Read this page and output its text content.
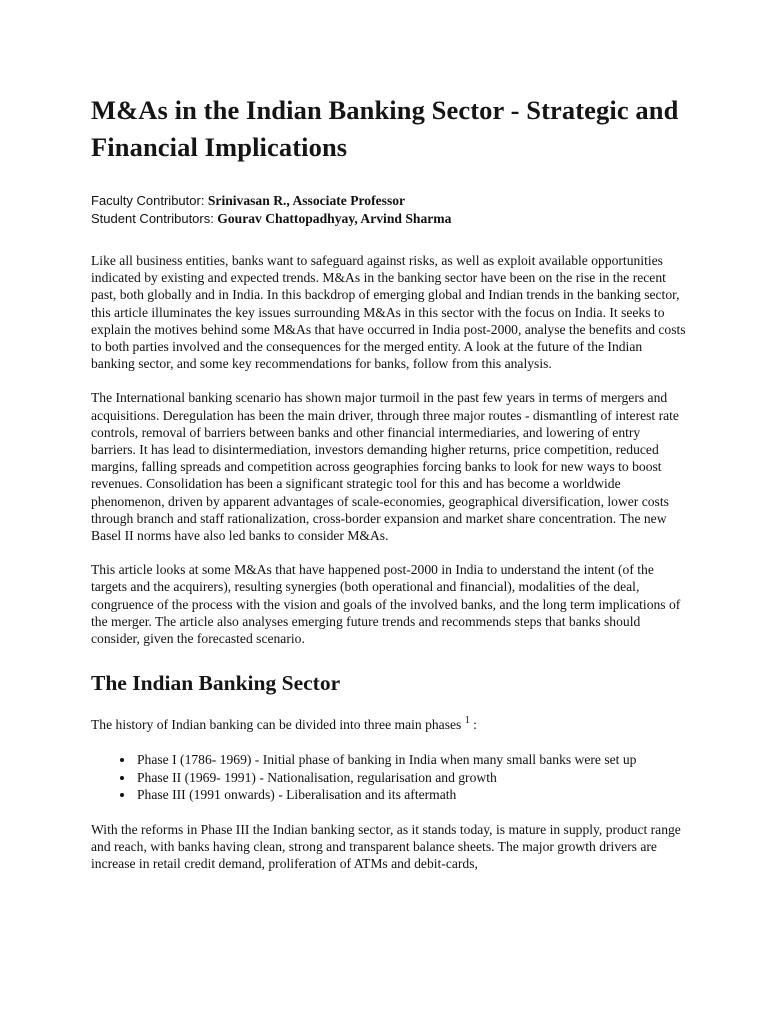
M&As in the Indian Banking Sector - Strategic and Financial Implications
Faculty Contributor: Srinivasan R., Associate Professor
Student Contributors: Gourav Chattopadhyay, Arvind Sharma

Like all business entities, banks want to safeguard against risks, as well as exploit available opportunities indicated by existing and expected trends. M&As in the banking sector have been on the rise in the recent past, both globally and in India. In this backdrop of emerging global and Indian trends in the banking sector, this article illuminates the key issues surrounding M&As in this sector with the focus on India. It seeks to explain the motives behind some M&As that have occurred in India post-2000, analyse the benefits and costs to both parties involved and the consequences for the merged entity. A look at the future of the Indian banking sector, and some key recommendations for banks, follow from this analysis.

The International banking scenario has shown major turmoil in the past few years in terms of mergers and acquisitions. Deregulation has been the main driver, through three major routes - dismantling of interest rate controls, removal of barriers between banks and other financial intermediaries, and lowering of entry barriers. It has lead to disintermediation, investors demanding higher returns, price competition, reduced margins, falling spreads and competition across geographies forcing banks to look for new ways to boost revenues. Consolidation has been a significant strategic tool for this and has become a worldwide phenomenon, driven by apparent advantages of scale-economies, geographical diversification, lower costs through branch and staff rationalization, cross-border expansion and market share concentration. The new Basel II norms have also led banks to consider M&As.

This article looks at some M&As that have happened post-2000 in India to understand the intent (of the targets and the acquirers), resulting synergies (both operational and financial), modalities of the deal, congruence of the process with the vision and goals of the involved banks, and the long term implications of the merger. The article also analyses emerging future trends and recommends steps that banks should consider, given the forecasted scenario.

The Indian Banking Sector

The history of Indian banking can be divided into three main phases $^1$ :

• Phase I (1786- 1969) - Initial phase of banking in India when many small banks were set up
• Phase II (1969- 1991) - Nationalisation, regularisation and growth
• Phase III (1991 onwards) - Liberalisation and its aftermath

With the reforms in Phase III the Indian banking sector, as it stands today, is mature in supply, product range and reach, with banks having clean, strong and transparent balance sheets. The major growth drivers are increase in retail credit demand, proliferation of ATMs and debit-cards,
